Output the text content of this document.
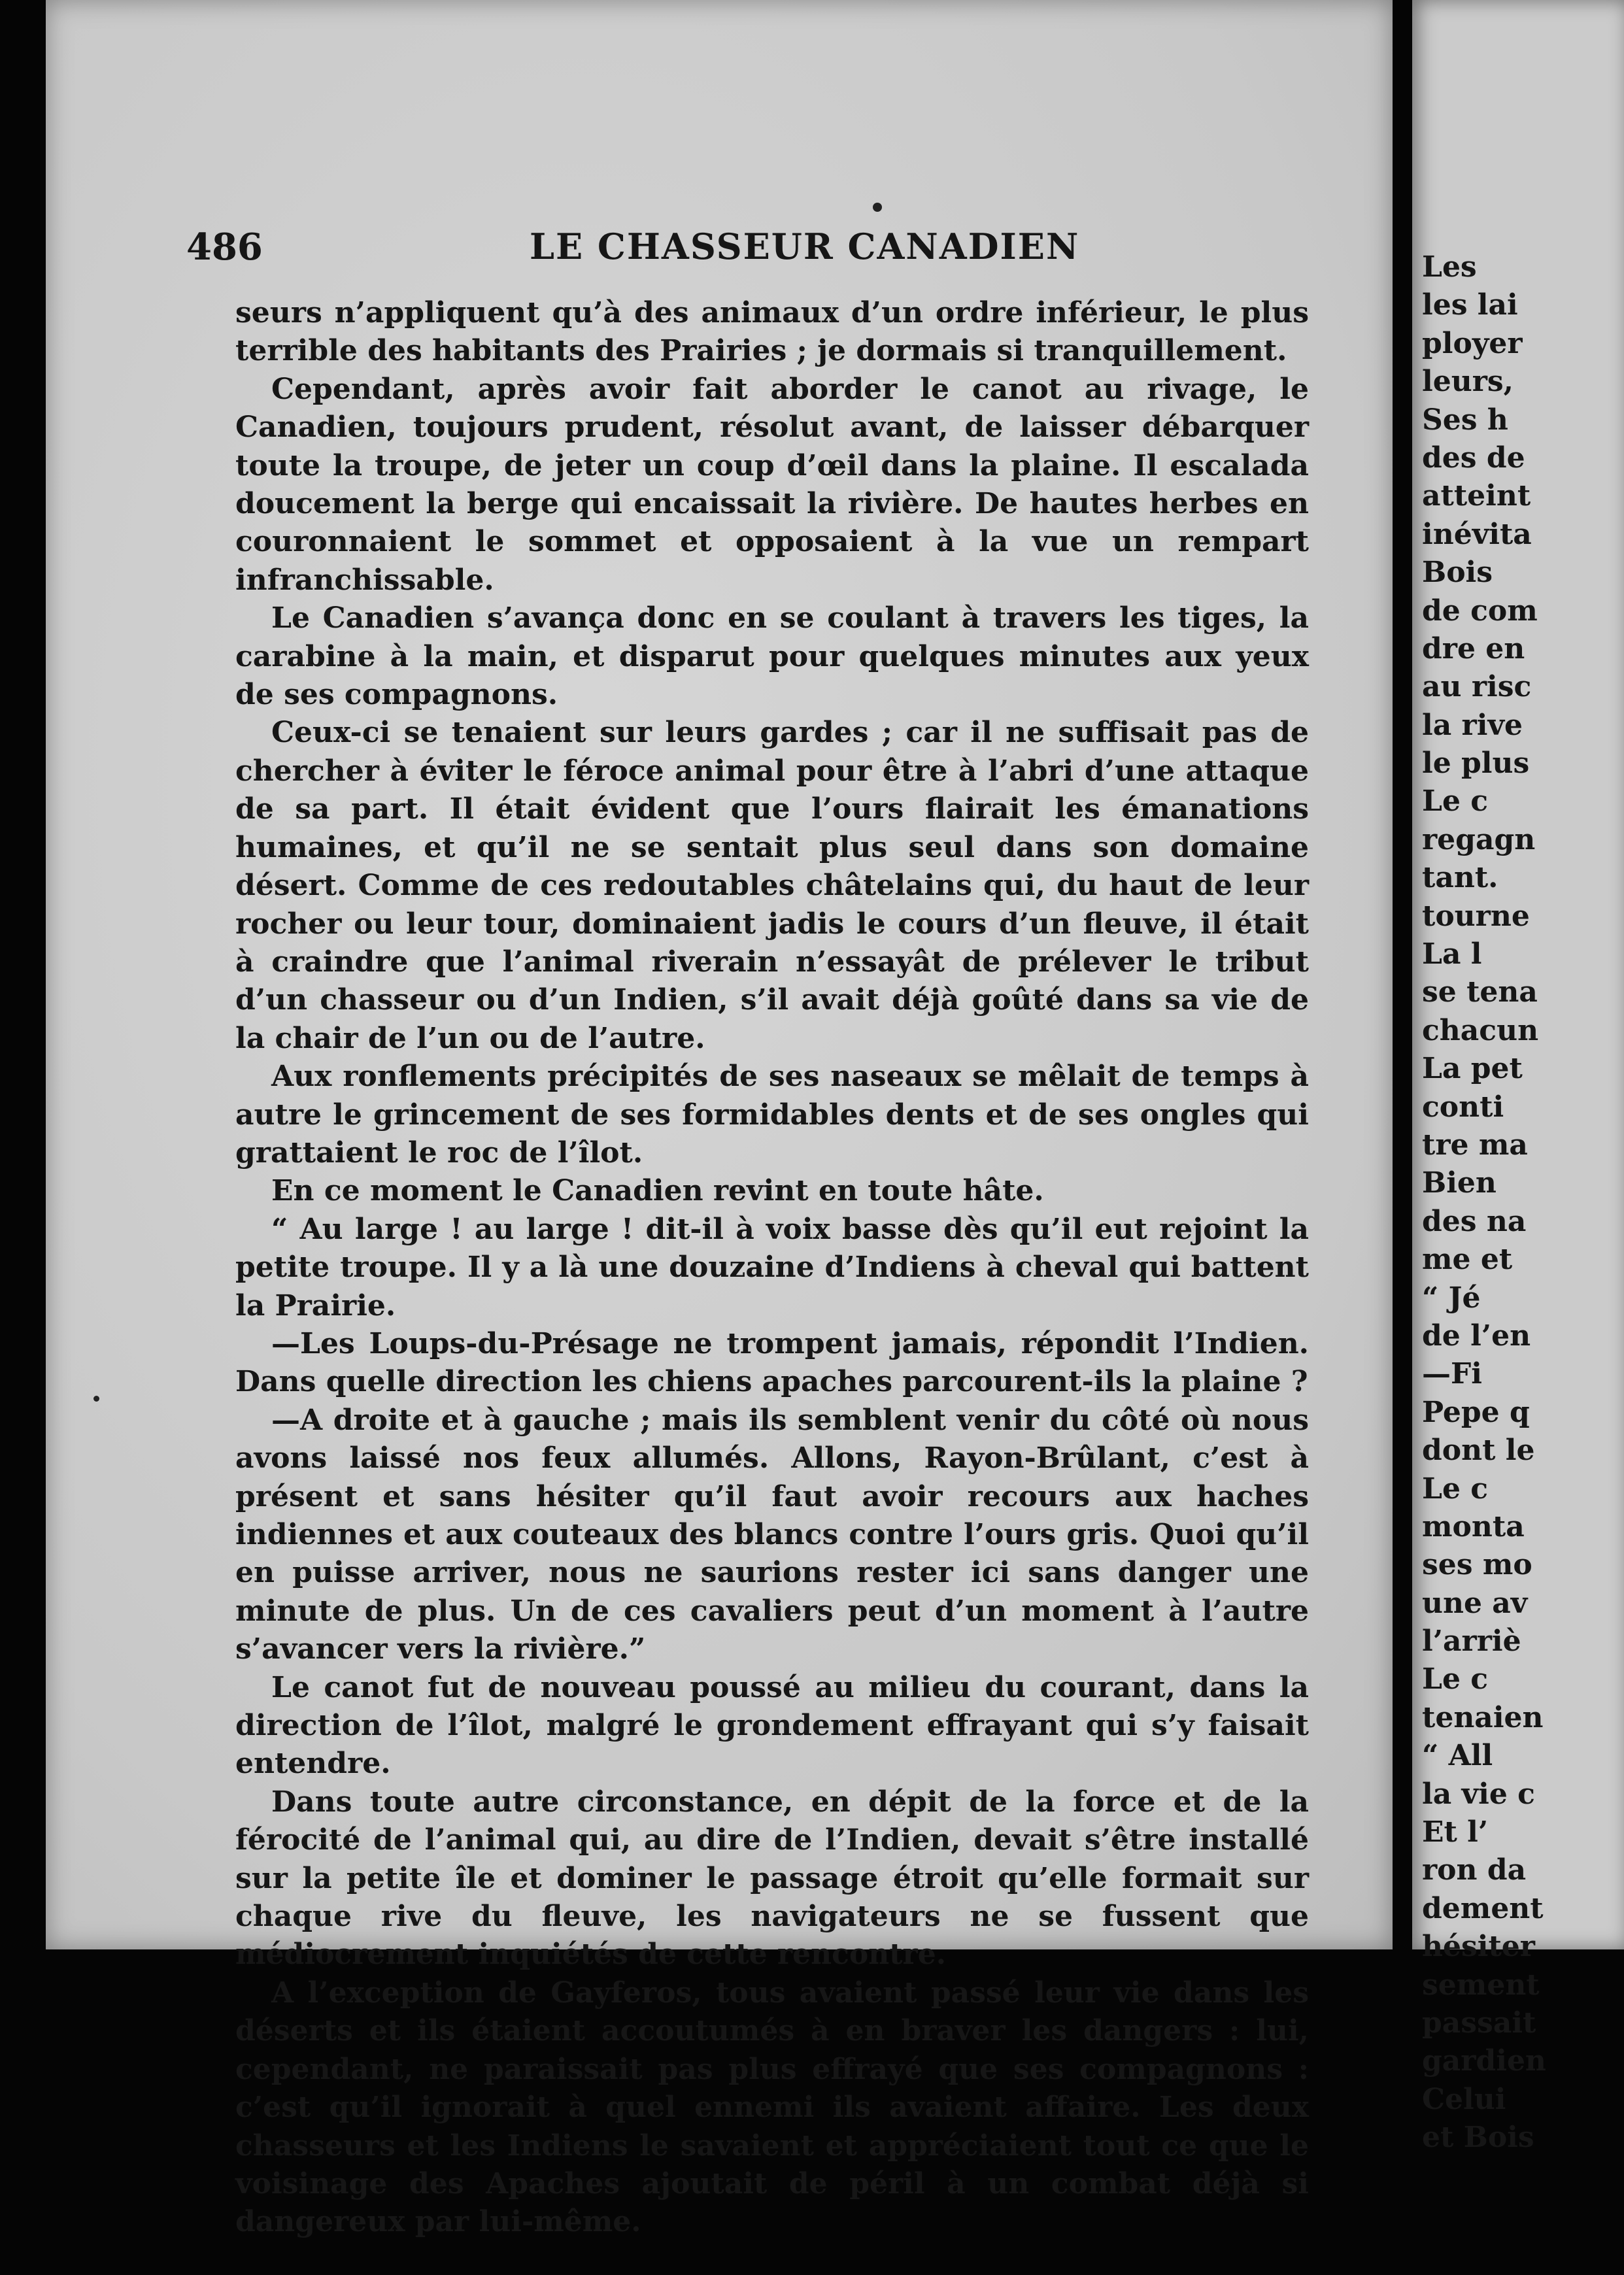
486	LE CHASSEUR CANADIEN

seurs n’appliquent qu’à des animaux d’un ordre inférieur, le plus terrible des habitants des Prairies ; je dormais si tranquillement.

Cependant, après avoir fait aborder le canot au rivage, le Canadien, toujours prudent, résolut avant, de laisser débarquer toute la troupe, de jeter un coup d’œil dans la plaine. Il escalada doucement la berge qui encaissait la rivière. De hautes herbes en couronnaient le sommet et opposaient à la vue un rempart infranchissable.

Le Canadien s’avança donc en se coulant à travers les tiges, la carabine à la main, et disparut pour quelques minutes aux yeux de ses compagnons.

Ceux-ci se tenaient sur leurs gardes ; car il ne suffisait pas de chercher à éviter le féroce animal pour être à l’abri d’une attaque de sa part. Il était évident que l’ours flairait les émanations humaines, et qu’il ne se sentait plus seul dans son domaine désert. Comme de ces redoutables châtelains qui, du haut de leur rocher ou leur tour, dominaient jadis le cours d’un fleuve, il était à craindre que l’animal riverain n’essayât de prélever le tribut d’un chasseur ou d’un Indien, s’il avait déjà goûté dans sa vie de la chair de l’un ou de l’autre.

Aux ronflements précipités de ses naseaux se mêlait de temps à autre le grincement de ses formidables dents et de ses ongles qui grattaient le roc de l’îlot.

En ce moment le Canadien revint en toute hâte.

“ Au large ! au large ! dit-il à voix basse dès qu’il eut rejoint la petite troupe. Il y a là une douzaine d’Indiens à cheval qui battent la Prairie.

—Les Loups-du-Présage ne trompent jamais, répondit l’Indien. Dans quelle direction les chiens apaches parcourent-ils la plaine ?

—A droite et à gauche ; mais ils semblent venir du côté où nous avons laissé nos feux allumés. Allons, Rayon-Brûlant, c’est à présent et sans hésiter qu’il faut avoir recours aux haches indiennes et aux couteaux des blancs contre l’ours gris. Quoi qu’il en puisse arriver, nous ne saurions rester ici sans danger une minute de plus. Un de ces cavaliers peut d’un moment à l’autre s’avancer vers la rivière.”

Le canot fut de nouveau poussé au milieu du courant, dans la direction de l’îlot, malgré le grondement effrayant qui s’y faisait entendre.

Dans toute autre circonstance, en dépit de la force et de la férocité de l’animal qui, au dire de l’Indien, devait s’être installé sur la petite île et dominer le passage étroit qu’elle formait sur chaque rive du fleuve, les navigateurs ne se fussent que médiocrement inquiétés de cette rencontre.

A l’exception de Gayferos, tous avaient passé leur vie dans les déserts et ils étaient accoutumés à en braver les dangers : lui, cependant, ne paraissait pas plus effrayé que ses compagnons : c’est qu’il ignorait à quel ennemi ils avaient affaire. Les deux chasseurs et les Indiens le savaient et appréciaient tout ce que le voisinage des Apaches ajoutait de péril à un combat déjà si dangereux par lui-même.

Les
les lai
ployer
leurs,
Ses h
des de
atteint
inévita
Bois
de com
dre en
au risc
la rive
le plus
Le c
regagn
tant.
tourne
La l
se tena
chacun
La pet
conti
tre ma
Bien
des na
me et
“ Jé
de l’en
—Fi
Pepe q
dont le
Le c
monta
ses mo
une av
l’arriè
Le c
tenaien
“ All
la vie c
Et l’
ron da
dement
hésiter
sement
passait
gardien
Celui
et Bois
